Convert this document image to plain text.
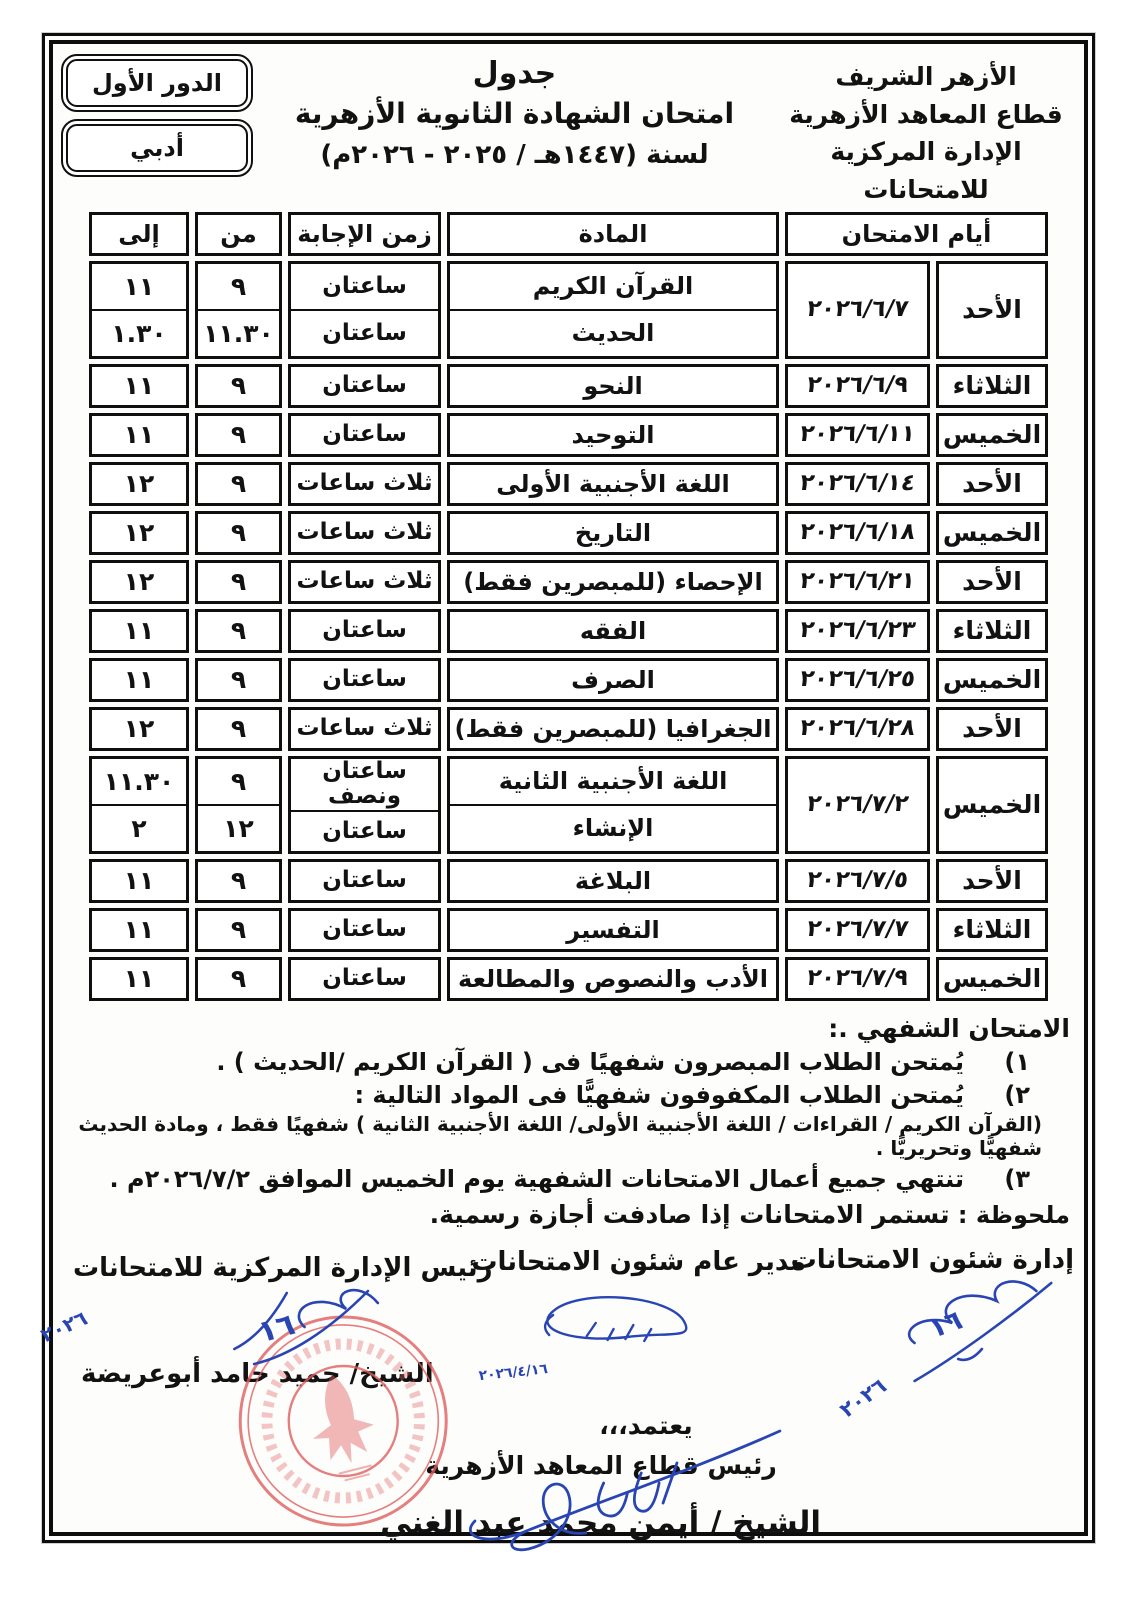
الأزهر الشريف
قطاع المعاهد الأزهرية
الإدارة المركزية للامتحانات
جدول
امتحان الشهادة الثانوية الأزهرية
لسنة (١٤٤٧هـ / ٢٠٢٥ - ٢٠٢٦م)
الدور الأول
أدبي
أيام الامتحان
المادة
زمن الإجابة
من
إلى
الأحد
٢٠٢٦/٦/٧
القرآن الكريم
الحديث
ساعتان
ساعتان
٩
١١.٣٠
١١
١.٣٠
الثلاثاء
٢٠٢٦/٦/٩
النحو
ساعتان
٩
١١
الخميس
٢٠٢٦/٦/١١
التوحيد
ساعتان
٩
١١
الأحد
٢٠٢٦/٦/١٤
اللغة الأجنبية الأولى
ثلاث ساعات
٩
١٢
الخميس
٢٠٢٦/٦/١٨
التاريخ
ثلاث ساعات
٩
١٢
الأحد
٢٠٢٦/٦/٢١
الإحصاء (للمبصرين فقط)
ثلاث ساعات
٩
١٢
الثلاثاء
٢٠٢٦/٦/٢٣
الفقه
ساعتان
٩
١١
الخميس
٢٠٢٦/٦/٢٥
الصرف
ساعتان
٩
١١
الأحد
٢٠٢٦/٦/٢٨
الجغرافيا (للمبصرين فقط)
ثلاث ساعات
٩
١٢
الخميس
٢٠٢٦/٧/٢
اللغة الأجنبية الثانية
الإنشاء
ساعتان ونصف
ساعتان
٩
١٢
١١.٣٠
٢
الأحد
٢٠٢٦/٧/٥
البلاغة
ساعتان
٩
١١
الثلاثاء
٢٠٢٦/٧/٧
التفسير
ساعتان
٩
١١
الخميس
٢٠٢٦/٧/٩
الأدب والنصوص والمطالعة
ساعتان
٩
١١
الامتحان الشفهي .:
١)
يُمتحن الطلاب المبصرون شفهيًا فى ( القرآن الكريم /الحديث ) .
٢)
يُمتحن الطلاب المكفوفون شفهيًّا فى المواد التالية :
(القرآن الكريم / القراءات / اللغة الأجنبية الأولى/ اللغة الأجنبية الثانية ) شفهيًا فقط ، ومادة الحديث شفهيًّا وتحريريًّا .
٣)
تنتهي جميع أعمال الامتحانات الشفهية يوم الخميس الموافق ٢٠٢٦/٧/٢م .
ملحوظة : تستمر الامتحانات إذا صادفت أجازة رسمية.
إدارة شئون الامتحانات
مدير عام شئون الامتحانات
رئيس الإدارة المركزية للامتحانات
الشيخ/ حميد حامد أبوعريضة
يعتمد،،،
رئيس قطاع المعاهد الأزهرية
الشيخ / أيمن محمد عبد الغني
١٦
٢٠٢٦
٢٠٢٦/٤/١٦
١٦
٢٠٢٦
